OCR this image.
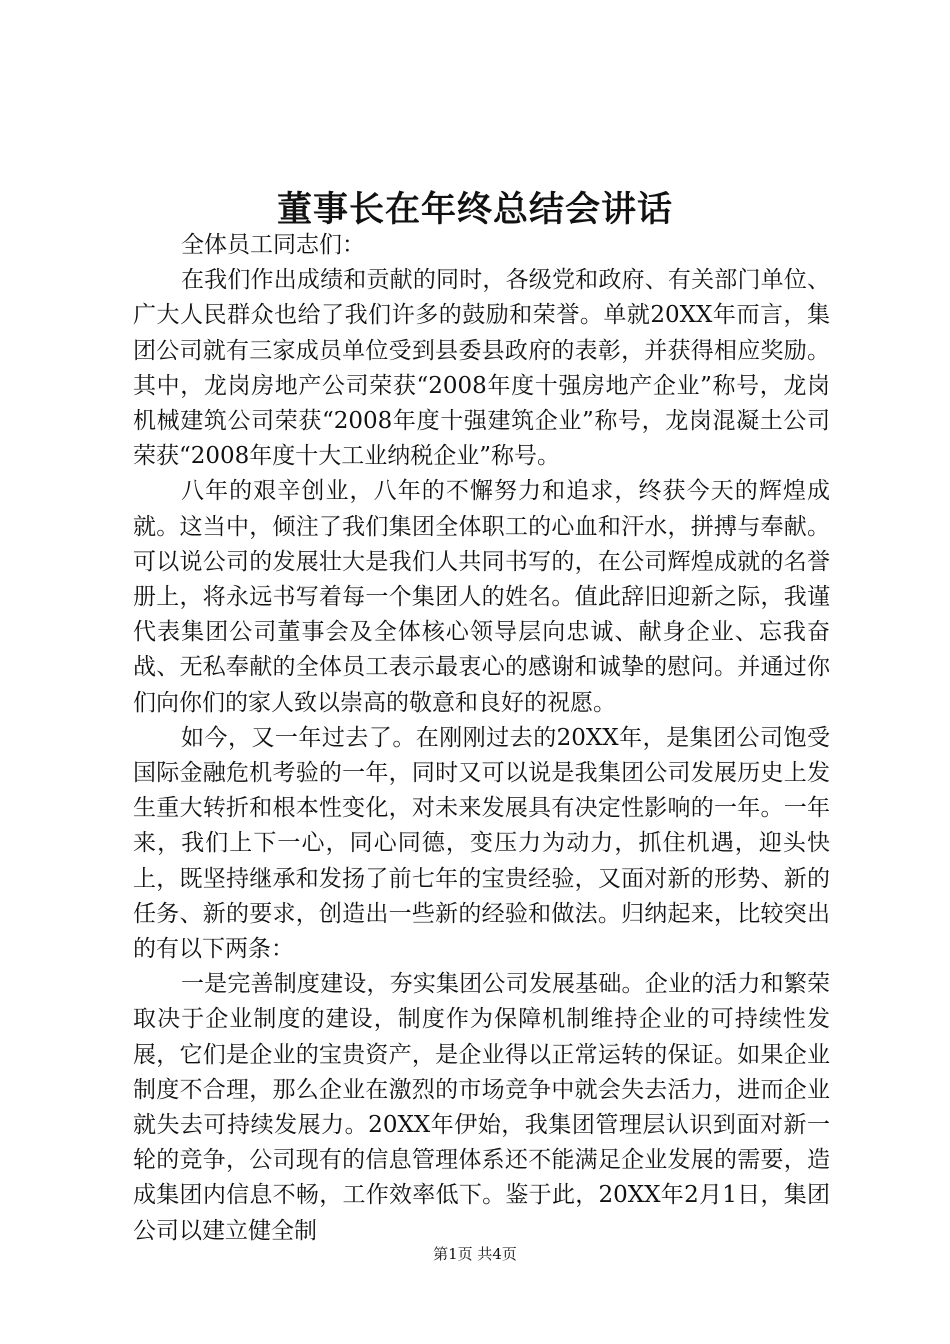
董事长在年终总结会讲话

全体员工同志们：

在我们作出成绩和贡献的同时，各级党和政府、有关部门单位、广大人民群众也给了我们许多的鼓励和荣誉。单就20XX年而言，集团公司就有三家成员单位受到县委县政府的表彰，并获得相应奖励。其中，龙岗房地产公司荣获“2008年度十强房地产企业”称号，龙岗机械建筑公司荣获“2008年度十强建筑企业”称号，龙岗混凝土公司荣获“2008年度十大工业纳税企业”称号。

八年的艰辛创业，八年的不懈努力和追求，终获今天的辉煌成就。这当中，倾注了我们集团全体职工的心血和汗水，拼搏与奉献。可以说公司的发展壮大是我们人共同书写的，在公司辉煌成就的名誉册上，将永远书写着每一个集团人的姓名。值此辞旧迎新之际，我谨代表集团公司董事会及全体核心领导层向忠诚、献身企业、忘我奋战、无私奉献的全体员工表示最衷心的感谢和诚挚的慰问。并通过你们向你们的家人致以崇高的敬意和良好的祝愿。

如今，又一年过去了。在刚刚过去的20XX年，是集团公司饱受国际金融危机考验的一年，同时又可以说是我集团公司发展历史上发生重大转折和根本性变化，对未来发展具有决定性影响的一年。一年来，我们上下一心，同心同德，变压力为动力，抓住机遇，迎头快上，既坚持继承和发扬了前七年的宝贵经验，又面对新的形势、新的任务、新的要求，创造出一些新的经验和做法。归纳起来，比较突出的有以下两条：

一是完善制度建设，夯实集团公司发展基础。企业的活力和繁荣取决于企业制度的建设，制度作为保障机制维持企业的可持续性发展，它们是企业的宝贵资产，是企业得以正常运转的保证。如果企业制度不合理，那么企业在激烈的市场竞争中就会失去活力，进而企业就失去可持续发展力。20XX年伊始，我集团管理层认识到面对新一轮的竞争，公司现有的信息管理体系还不能满足企业发展的需要，造成集团内信息不畅，工作效率低下。鉴于此，20XX年2月1日，集团公司以建立健全制

第1页 共4页
